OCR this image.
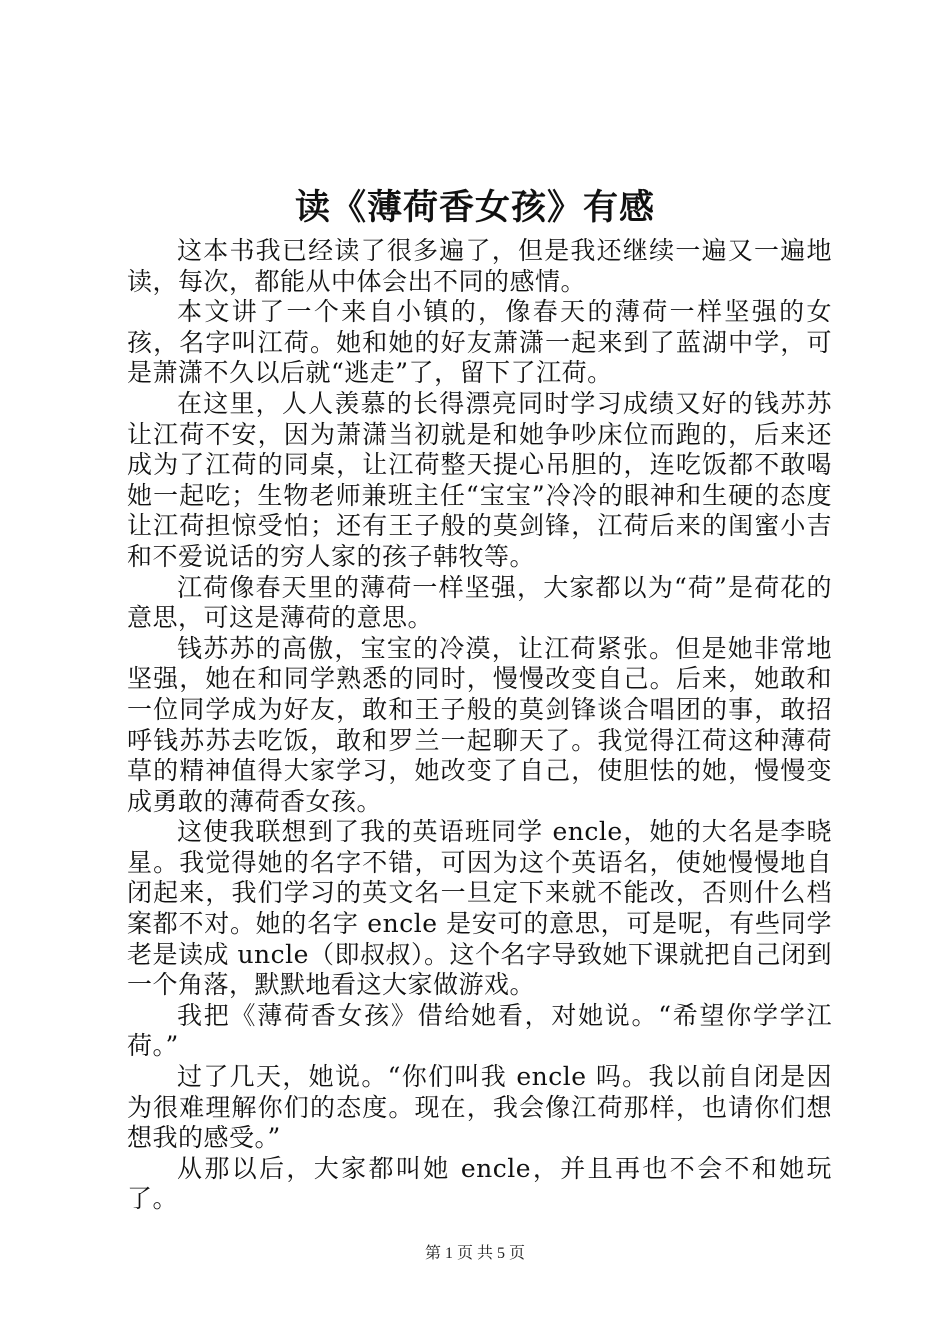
读《薄荷香女孩》有感

这本书我已经读了很多遍了，但是我还继续一遍又一遍地读，每次，都能从中体会出不同的感情。

本文讲了一个来自小镇的，像春天的薄荷一样坚强的女孩，名字叫江荷。她和她的好友萧潇一起来到了蓝湖中学，可是萧潇不久以后就“逃走”了，留下了江荷。

在这里，人人羡慕的长得漂亮同时学习成绩又好的钱苏苏让江荷不安，因为萧潇当初就是和她争吵床位而跑的，后来还成为了江荷的同桌，让江荷整天提心吊胆的，连吃饭都不敢喝她一起吃；生物老师兼班主任“宝宝”冷冷的眼神和生硬的态度让江荷担惊受怕；还有王子般的莫剑锋，江荷后来的闺蜜小吉和不爱说话的穷人家的孩子韩牧等。

江荷像春天里的薄荷一样坚强，大家都以为“荷”是荷花的意思，可这是薄荷的意思。

钱苏苏的高傲，宝宝的冷漠，让江荷紧张。但是她非常地坚强，她在和同学熟悉的同时，慢慢改变自己。后来，她敢和一位同学成为好友，敢和王子般的莫剑锋谈合唱团的事，敢招呼钱苏苏去吃饭，敢和罗兰一起聊天了。我觉得江荷这种薄荷草的精神值得大家学习，她改变了自己，使胆怯的她，慢慢变成勇敢的薄荷香女孩。

这使我联想到了我的英语班同学 encle，她的大名是李晓星。我觉得她的名字不错，可因为这个英语名，使她慢慢地自闭起来，我们学习的英文名一旦定下来就不能改，否则什么档案都不对。她的名字 encle 是安可的意思，可是呢，有些同学老是读成 uncle（即叔叔）。这个名字导致她下课就把自己闭到一个角落，默默地看这大家做游戏。

我把《薄荷香女孩》借给她看，对她说。“希望你学学江荷。”

过了几天，她说。“你们叫我 encle 吗。我以前自闭是因为很难理解你们的态度。现在，我会像江荷那样，也请你们想想我的感受。”

从那以后，大家都叫她 encle，并且再也不会不和她玩了。

第 1 页 共 5 页
